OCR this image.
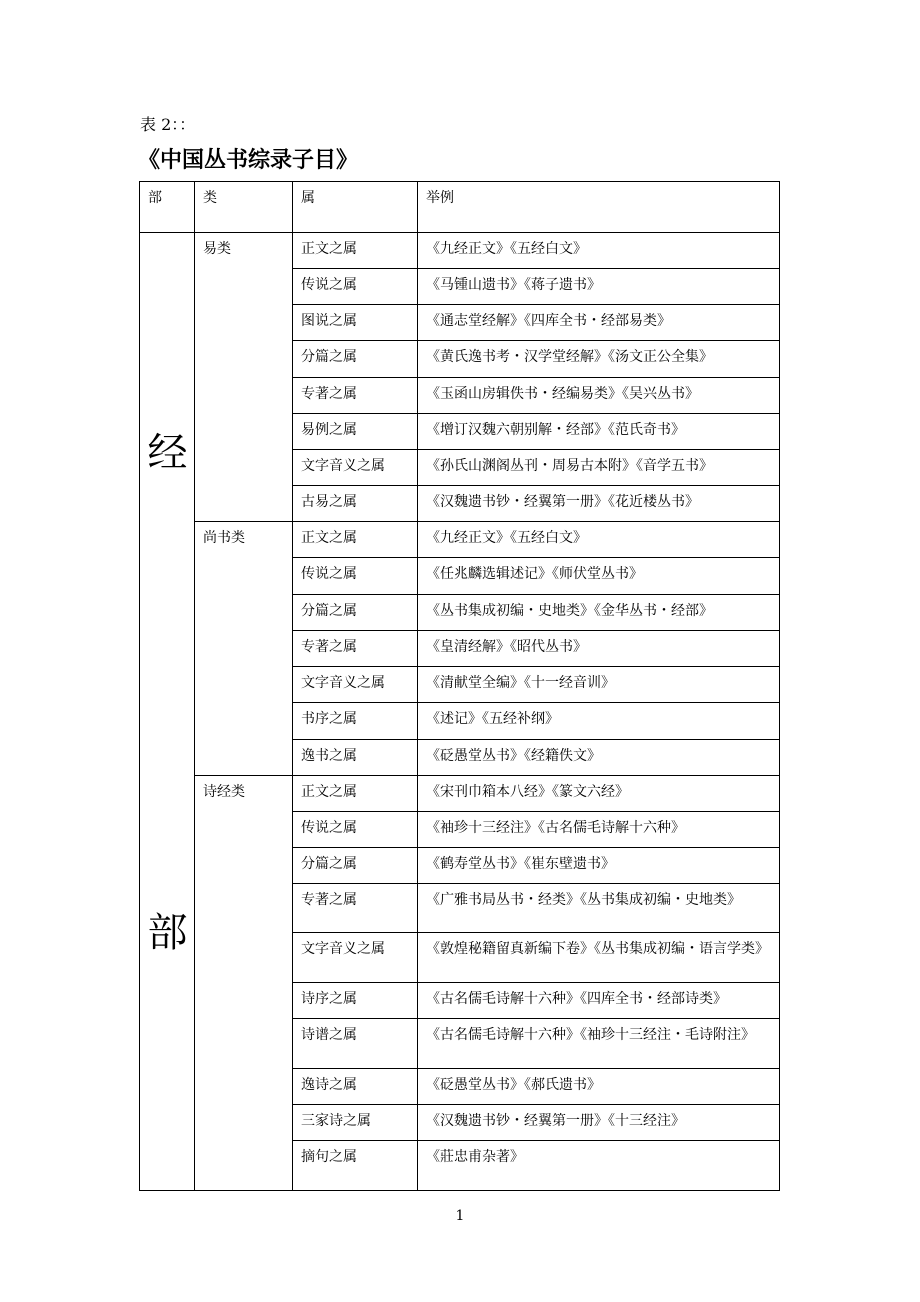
表 2：：
《中国丛书综录子目》
部	类	属	举例

经
部	易类	正文之属	《九经正文》《五经白文》
		传说之属	《马锺山遗书》《蒋子遗书》
		图说之属	《通志堂经解》《四库全书・经部易类》
		分篇之属	《黄氏逸书考・汉学堂经解》《汤文正公全集》
		专著之属	《玉函山房辑佚书・经编易类》《吴兴丛书》
		易例之属	《增订汉魏六朝别解・经部》《范氏奇书》
		文字音义之属	《孙氏山渊阁丛刊・周易古本附》《音学五书》
		古易之属	《汉魏遗书钞・经翼第一册》《花近楼丛书》
	尚书类	正文之属	《九经正文》《五经白文》
		传说之属	《任兆麟选辑述记》《师伏堂丛书》
		分篇之属	《丛书集成初编・史地类》《金华丛书・经部》
		专著之属	《皇清经解》《昭代丛书》
		文字音义之属	《清献堂全编》《十一经音训》
		书序之属	《述记》《五经补纲》
		逸书之属	《砭愚堂丛书》《经籍佚文》
	诗经类	正文之属	《宋刊巾箱本八经》《篆文六经》
		传说之属	《袖珍十三经注》《古名儒毛诗解十六种》
		分篇之属	《鹤寿堂丛书》《崔东壁遗书》
		专著之属	《广雅书局丛书・经类》《丛书集成初编・史地类》
		文字音义之属	《敦煌秘籍留真新编下卷》《丛书集成初编・语言学类》
		诗序之属	《古名儒毛诗解十六种》《四库全书・经部诗类》
		诗谱之属	《古名儒毛诗解十六种》《袖珍十三经注・毛诗附注》
		逸诗之属	《砭愚堂丛书》《郝氏遗书》
		三家诗之属	《汉魏遗书钞・经翼第一册》《十三经注》
		摘句之属	《莊忠甫杂著》
1
